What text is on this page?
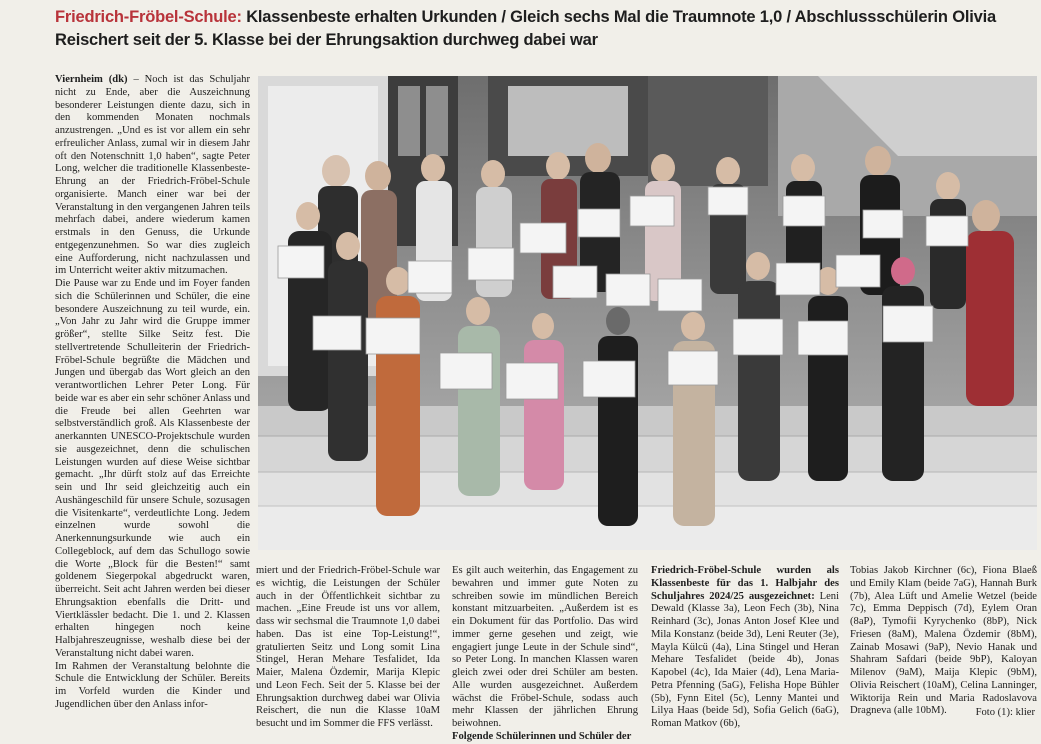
Friedrich-Fröbel-Schule: Klassenbeste erhalten Urkunden / Gleich sechs Mal die Traumnote 1,0 / Abschlussschülerin Olivia Reischert seit der 5. Klasse bei der Ehrungsaktion durchweg dabei war

Viernheim (dk) – Noch ist das Schuljahr nicht zu Ende, aber die Auszeichnung besonderer Leistungen diente dazu, sich in den kommenden Monaten nochmals anzustrengen. „Und es ist vor allem ein sehr erfreulicher Anlass, zumal wir in diesem Jahr oft den Notenschnitt 1,0 haben“, sagte Peter Long, welcher die traditionelle Klassenbeste-Ehrung an der Friedrich-Fröbel-Schule organisierte. Manch einer war bei der Veranstaltung in den vergangenen Jahren teils mehrfach dabei, andere wiederum kamen erstmals in den Genuss, die Urkunde entgegenzunehmen. So war dies zugleich eine Aufforderung, nicht nachzulassen und im Unterricht weiter aktiv mitzumachen.

Die Pause war zu Ende und im Foyer fanden sich die Schülerinnen und Schüler, die eine besondere Auszeichnung zu teil wurde, ein. „Von Jahr zu Jahr wird die Gruppe immer größer“, stellte Silke Seitz fest. Die stellvertretende Schulleiterin der Friedrich-Fröbel-Schule begrüßte die Mädchen und Jungen und übergab das Wort gleich an den verantwortlichen Lehrer Peter Long. Für beide war es aber ein sehr schöner Anlass und die Freude bei allen Geehrten war selbstverständlich groß. Als Klassenbeste der anerkannten UNESCO-Projektschule wurden sie ausgezeichnet, denn die schulischen Leistungen wurden auf diese Weise sichtbar gemacht. „Ihr dürft stolz auf das Erreichte sein und Ihr seid gleichzeitig auch ein Aushängeschild für unsere Schule, sozusagen die Visitenkarte“, verdeutlichte Long. Jedem einzelnen wurde sowohl die Anerkennungsurkunde wie auch ein Collegeblock, auf dem das Schullogo sowie die Worte „Block für die Besten!“ samt goldenem Siegerpokal abgedruckt waren, überreicht. Seit acht Jahren werden bei dieser Ehrungsaktion ebenfalls die Dritt- und Viertklässler bedacht. Die 1. und 2. Klassen erhalten hingegen noch keine Halbjahreszeugnisse, weshalb diese bei der Veranstaltung nicht dabei waren.

Im Rahmen der Veranstaltung belohnte die Schule die Entwicklung der Schüler. Bereits im Vorfeld wurden die Kinder und Jugendlichen über den Anlass infor-

miert und der Friedrich-Fröbel-Schule war es wichtig, die Leistungen der Schüler auch in der Öffentlichkeit sichtbar zu machen. „Eine Freude ist uns vor allem, dass wir sechsmal die Traumnote 1,0 dabei haben. Das ist eine Top-Leistung!“, gratulierten Seitz und Long somit Lina Stingel, Heran Mehare Tesfalidet, Ida Maier, Malena Özdemir, Marija Klepic und Leon Fech. Seit der 5. Klasse bei der Ehrungsaktion durchweg dabei war Olivia Reischert, die nun die Klasse 10aM besucht und im Sommer die FFS verlässt.

Es gilt auch weiterhin, das Engagement zu bewahren und immer gute Noten zu schreiben sowie im mündlichen Bereich konstant mitzuarbeiten. „Außerdem ist es ein Dokument für das Portfolio. Das wird immer gerne gesehen und zeigt, wie engagiert junge Leute in der Schule sind“, so Peter Long. In manchen Klassen waren gleich zwei oder drei Schüler am besten. Alle wurden ausgezeichnet. Außerdem wächst die Fröbel-Schule, sodass auch mehr Klassen der jährlichen Ehrung beiwohnen.

Folgende Schülerinnen und Schüler der

Friedrich-Fröbel-Schule wurden als Klassenbeste für das 1. Halbjahr des Schuljahres 2024/25 ausgezeichnet: Leni Dewald (Klasse 3a), Leon Fech (3b), Nina Reinhard (3c), Jonas Anton Josef Klee und Mila Konstanz (beide 3d), Leni Reuter (3e), Mayla Külcü (4a), Lina Stingel und Heran Mehare Tesfalidet (beide 4b), Jonas Kapobel (4c), Ida Maier (4d), Lena Maria-Petra Pfenning (5aG), Felisha Hope Bühler (5b), Fynn Eitel (5c), Lenny Mantei und Lilya Haas (beide 5d), Sofia Gelich (6aG), Roman Matkov (6b),

Tobias Jakob Kirchner (6c), Fiona Blaeß und Emily Klam (beide 7aG), Hannah Burk (7b), Alea Lüft und Amelie Wetzel (beide 7c), Emma Deppisch (7d), Eylem Oran (8aP), Tymofii Kyrychenko (8bP), Nick Friesen (8aM), Malena Özdemir (8bM), Zainab Mosawi (9aP), Nevio Hanak und Shahram Safdari (beide 9bP), Kaloyan Milenov (9aM), Maija Klepic (9bM), Olivia Reischert (10aM), Celina Lanninger, Wiktorija Rein und Maria Radoslavova Dragneva (alle 10bM).	Foto (1): klier
